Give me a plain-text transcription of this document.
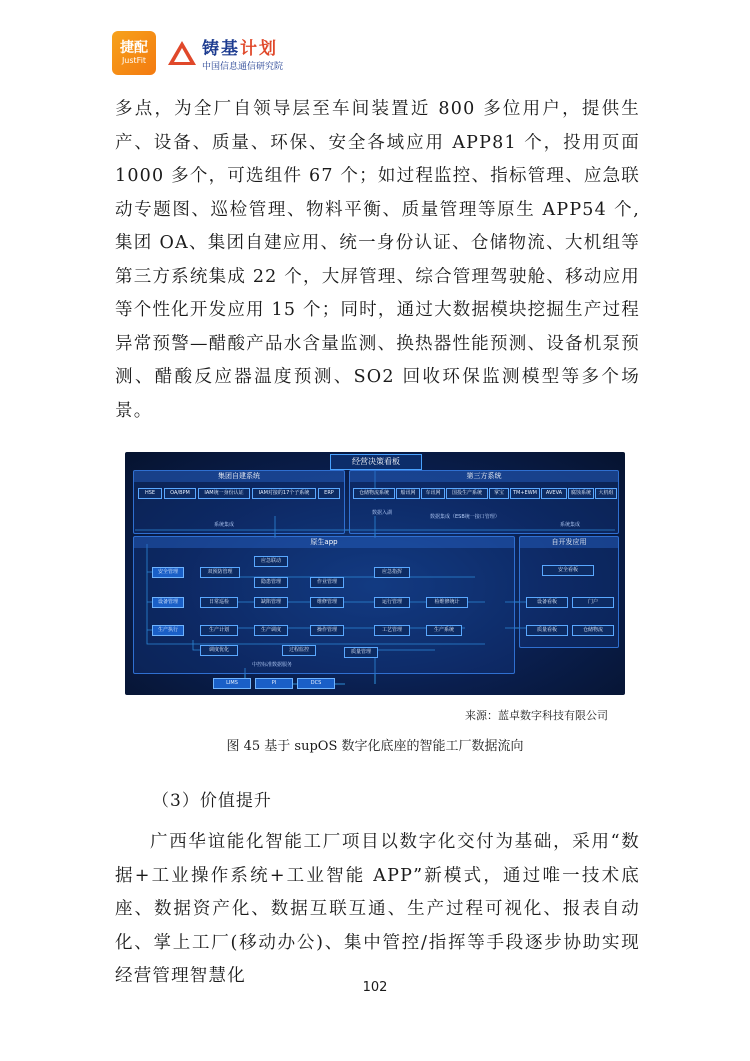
捷配
JustFit
铸基计划
中国信息通信研究院

多点，为全厂自领导层至车间装置近 800 多位用户，提供生产、设备、质量、环保、安全各域应用 APP81 个，投用页面 1000 多个，可选组件 67 个；如过程监控、指标管理、应急联动专题图、巡检管理、物料平衡、质量管理等原生 APP54 个,集团 OA、集团自建应用、统一身份认证、仓储物流、大机组等第三方系统集成 22 个，大屏管理、综合管理驾驶舱、移动应用等个性化开发应用 15 个；同时，通过大数据模块挖掘生产过程异常预警—醋酸产品水含量监测、换热器性能预测、设备机泵预测、醋酸反应器温度预测、SO2 回收环保监测模型等多个场景。

经营决策看板
集团自建系统
HSE	OA/BPM	IAM统一身份认证	IAM对接的17个子系统	ERP
系统集成
第三方系统
仓储物流系统	船讯网	车讯网	国投生产系统	掌宝	TM+EWM	AVEVA	腐蚀系统	大机组
数据入湖
数据集成（ESB统一接口管理）
系统集成
原生app
安全管理
设备管理
生产执行
双预防管理
应急联动
隐患管理	作业管理
应急指挥
日常巡检	缺陷管理	维修管理	运行管理	检维修统计
生产计划	生产调度	操作管理	工艺管理	生产系统
调度优化	过程监控	质量管理
中控标准数据服务
自开发应用
安全看板
设备看板	门户
质量看板	仓储物流
LIMS	PI	DCS
来源：蓝卓数字科技有限公司
图 45 基于 supOS 数字化底座的智能工厂数据流向
（3）价值提升

广西华谊能化智能工厂项目以数字化交付为基础，采用“数据+工业操作系统+工业智能 APP”新模式，通过唯一技术底座、数据资产化、数据互联互通、生产过程可视化、报表自动化、掌上工厂(移动办公)、集中管控/指挥等手段逐步协助实现经营管理智慧化

102
